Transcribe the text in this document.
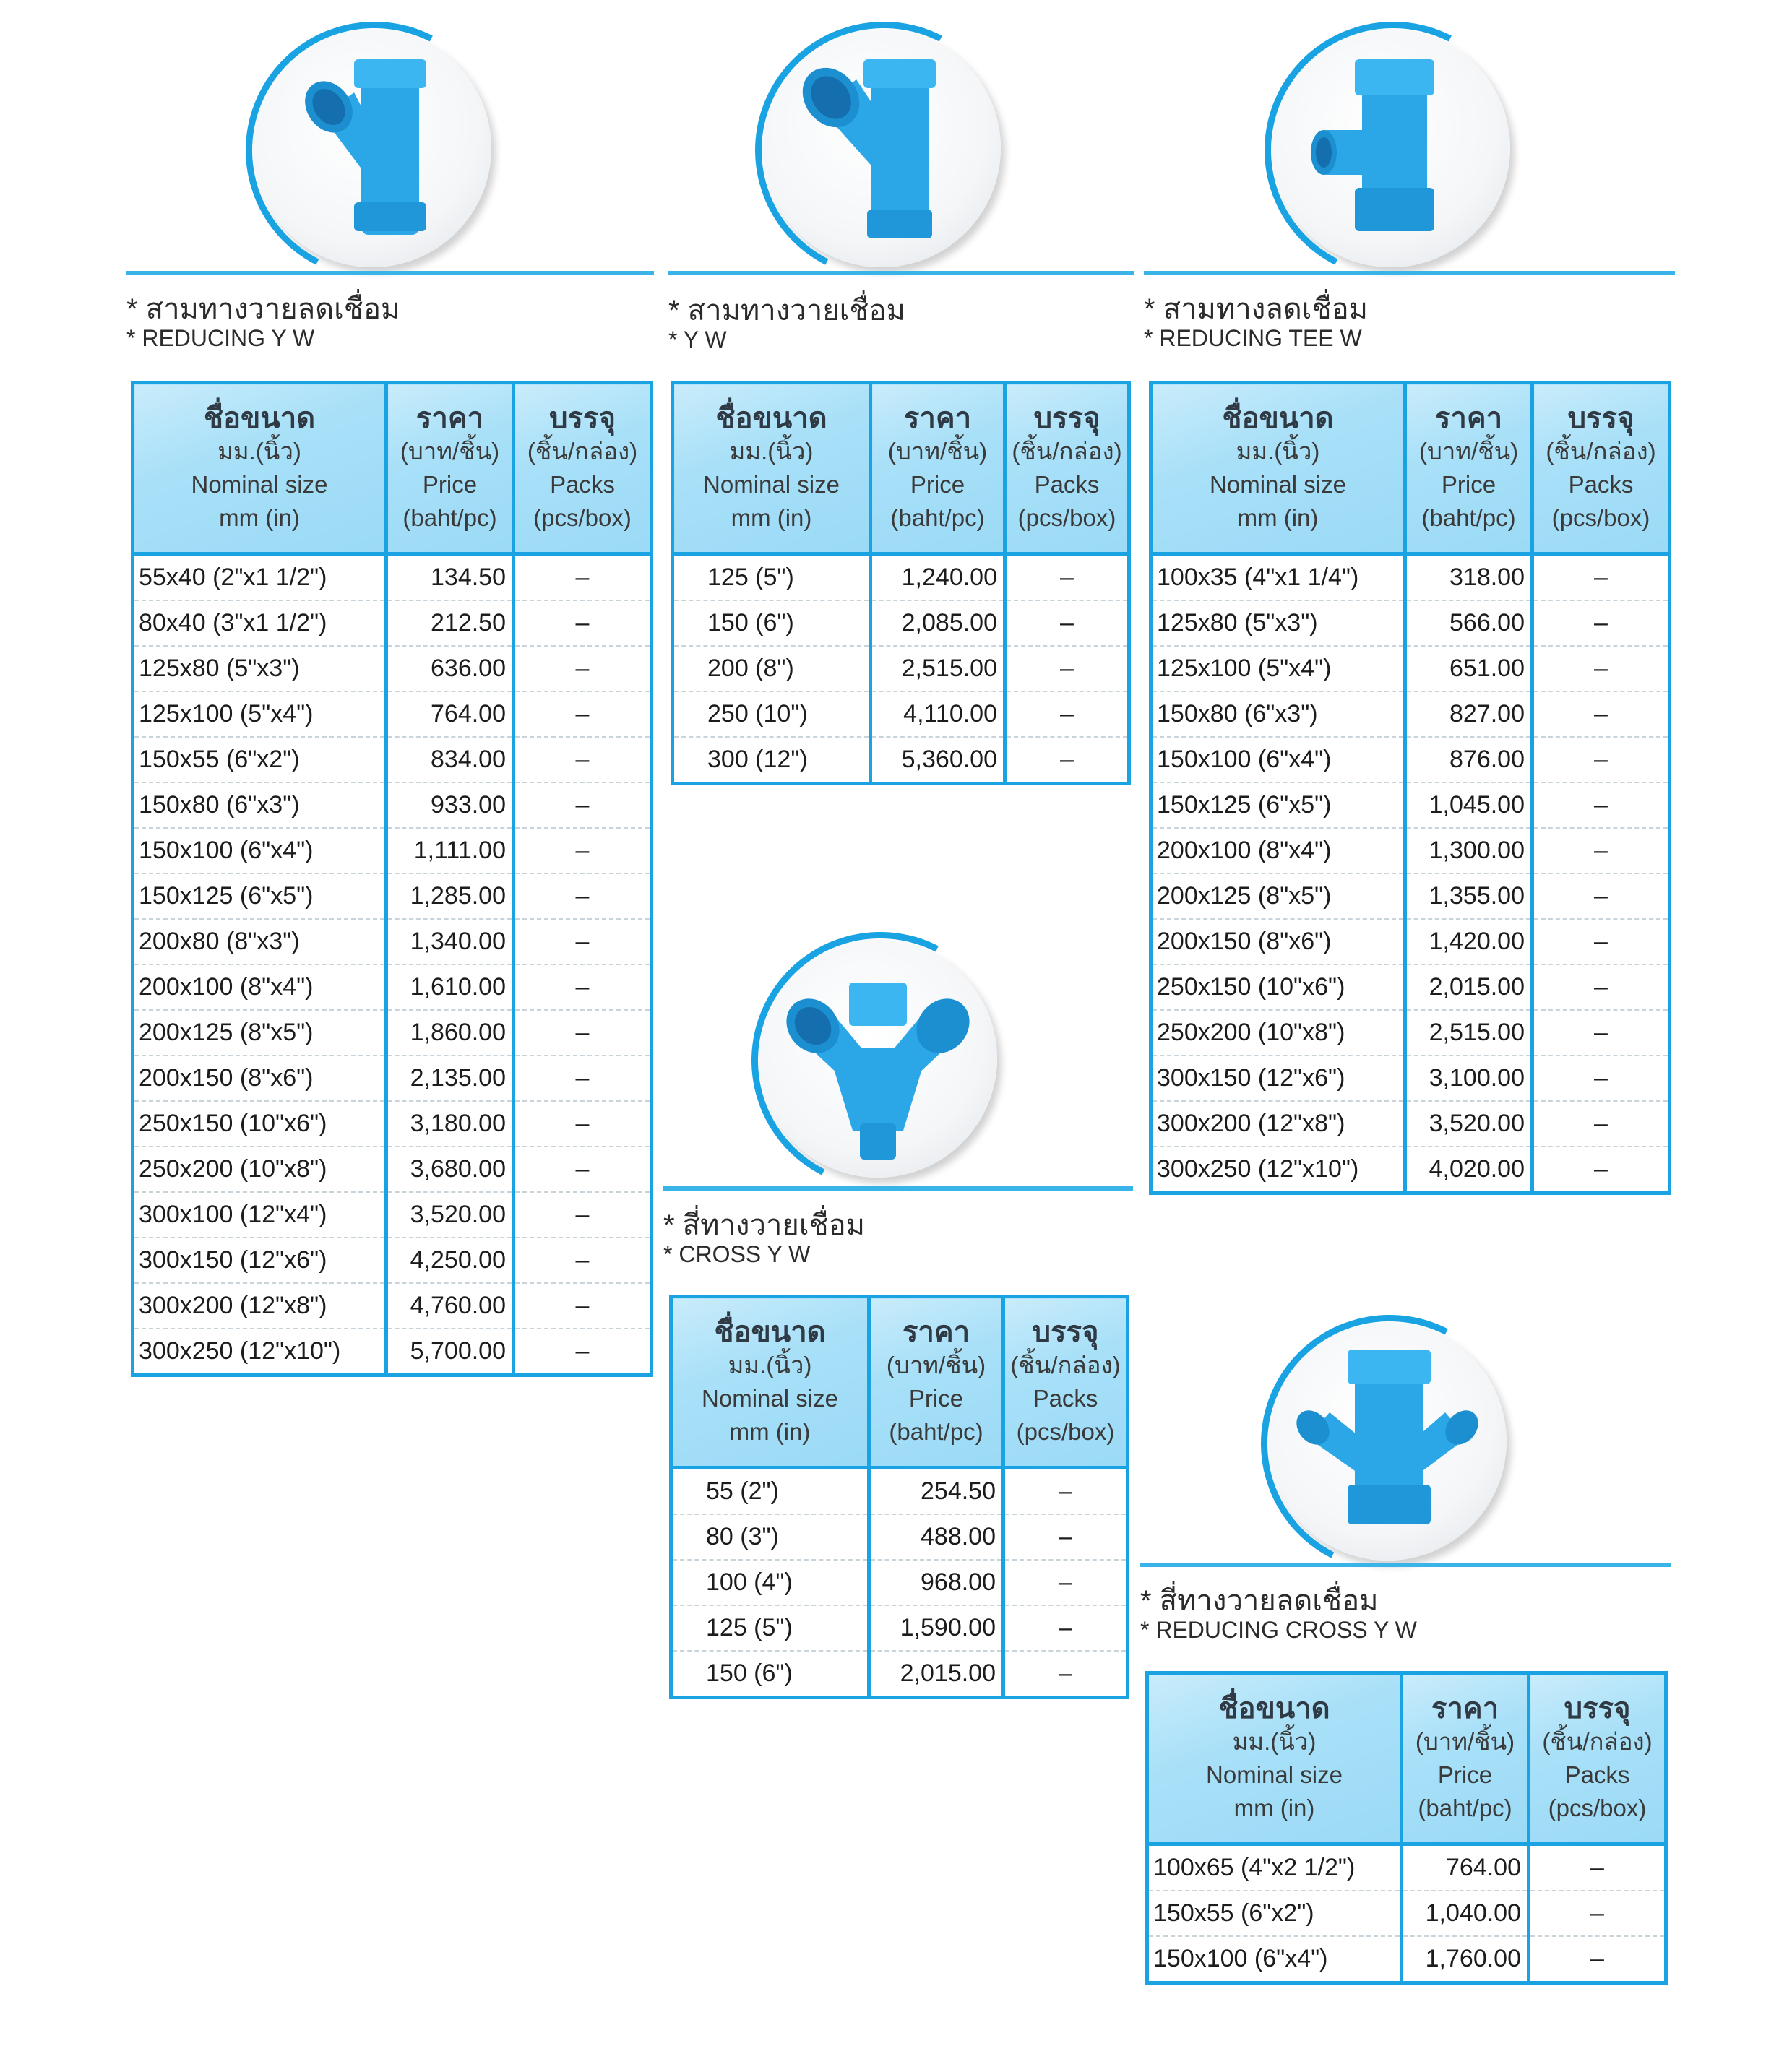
* สามทางวายลดเชื่อม
* REDUCING Y W
ชื่อขนาด
มม.(นิ้ว)
Nominal size
mm (in)	ราคา
(บาท/ชิ้น)
Price
(baht/pc)	บรรจุ
(ชิ้น/กล่อง)
Packs
(pcs/box)

55x40 (2"x1 1/2")	134.50	–
80x40 (3"x1 1/2")	212.50	–
125x80 (5"x3")	636.00	–
125x100 (5"x4")	764.00	–
150x55 (6"x2")	834.00	–
150x80 (6"x3")	933.00	–
150x100 (6"x4")	1,111.00	–
150x125 (6"x5")	1,285.00	–
200x80 (8"x3")	1,340.00	–
200x100 (8"x4")	1,610.00	–
200x125 (8"x5")	1,860.00	–
200x150 (8"x6")	2,135.00	–
250x150 (10"x6")	3,180.00	–
250x200 (10"x8")	3,680.00	–
300x100 (12"x4")	3,520.00	–
300x150 (12"x6")	4,250.00	–
300x200 (12"x8")	4,760.00	–
300x250 (12"x10")	5,700.00	–
* สามทางวายเชื่อม
* Y W
ชื่อขนาด
มม.(นิ้ว)
Nominal size
mm (in)	ราคา
(บาท/ชิ้น)
Price
(baht/pc)	บรรจุ
(ชิ้น/กล่อง)
Packs
(pcs/box)

125 (5")	1,240.00	–
150 (6")	2,085.00	–
200 (8")	2,515.00	–
250 (10")	4,110.00	–
300 (12")	5,360.00	–
* สี่ทางวายเชื่อม
* CROSS Y W
ชื่อขนาด
มม.(นิ้ว)
Nominal size
mm (in)	ราคา
(บาท/ชิ้น)
Price
(baht/pc)	บรรจุ
(ชิ้น/กล่อง)
Packs
(pcs/box)

55 (2")	254.50	–
80 (3")	488.00	–
100 (4")	968.00	–
125 (5")	1,590.00	–
150 (6")	2,015.00	–
* สามทางลดเชื่อม
* REDUCING TEE W
ชื่อขนาด
มม.(นิ้ว)
Nominal size
mm (in)	ราคา
(บาท/ชิ้น)
Price
(baht/pc)	บรรจุ
(ชิ้น/กล่อง)
Packs
(pcs/box)

100x35 (4"x1 1/4")	318.00	–
125x80 (5"x3")	566.00	–
125x100 (5"x4")	651.00	–
150x80 (6"x3")	827.00	–
150x100 (6"x4")	876.00	–
150x125 (6"x5")	1,045.00	–
200x100 (8"x4")	1,300.00	–
200x125 (8"x5")	1,355.00	–
200x150 (8"x6")	1,420.00	–
250x150 (10"x6")	2,015.00	–
250x200 (10"x8")	2,515.00	–
300x150 (12"x6")	3,100.00	–
300x200 (12"x8")	3,520.00	–
300x250 (12"x10")	4,020.00	–
* สี่ทางวายลดเชื่อม
* REDUCING CROSS Y W
ชื่อขนาด
มม.(นิ้ว)
Nominal size
mm (in)	ราคา
(บาท/ชิ้น)
Price
(baht/pc)	บรรจุ
(ชิ้น/กล่อง)
Packs
(pcs/box)

100x65 (4"x2 1/2")	764.00	–
150x55 (6"x2")	1,040.00	–
150x100 (6"x4")	1,760.00	–
